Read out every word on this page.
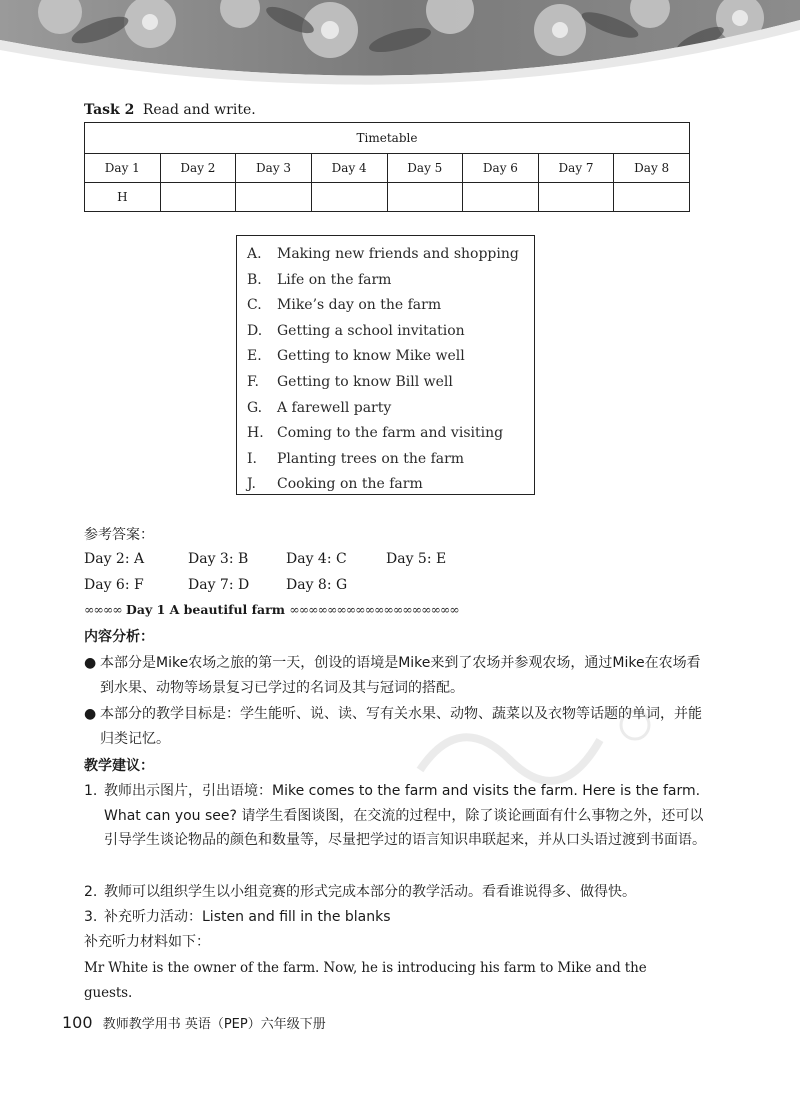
Task 2 Read and write.
Timetable							
Day 1	Day 2	Day 3	Day 4	Day 5	Day 6	Day 7	Day 8
H							
A. Making new friends and shopping
B. Life on the farm
C. Mike’s day on the farm
D. Getting a school invitation
E. Getting to know Mike well
F. Getting to know Bill well
G. A farewell party
H. Coming to the farm and visiting
I. Planting trees on the farm
J. Cooking on the farm
参考答案：
Day 2: A	Day 3: B	Day 4: C	Day 5: E
Day 6: F	Day 7: D	Day 8: G
∞∞∞∞ Day 1 A beautiful farm ∞∞∞∞∞∞∞∞∞∞∞∞∞∞∞∞∞∞
内容分析：
● 本部分是Mike农场之旅的第一天，创设的语境是Mike来到了农场并参观农场，通过Mike在农场看到水果、动物等场景复习已学过的名词及其与冠词的搭配。
● 本部分的教学目标是：学生能听、说、读、写有关水果、动物、蔬菜以及衣物等话题的单词，并能归类记忆。
教学建议：
1. 教师出示图片，引出语境：Mike comes to the farm and visits the farm. Here is the farm. What can you see? 请学生看图谈图，在交流的过程中，除了谈论画面有什么事物之外，还可以引导学生谈论物品的颜色和数量等，尽量把学过的语言知识串联起来，并从口头语过渡到书面语。
2. 教师可以组织学生以小组竞赛的形式完成本部分的教学活动。看看谁说得多、做得快。
3. 补充听力活动：Listen and fill in the blanks
补充听力材料如下：
Mr White is the owner of the farm. Now, he is introducing his farm to Mike and the guests.
100 教师教学用书 英语（PEP）六年级下册
